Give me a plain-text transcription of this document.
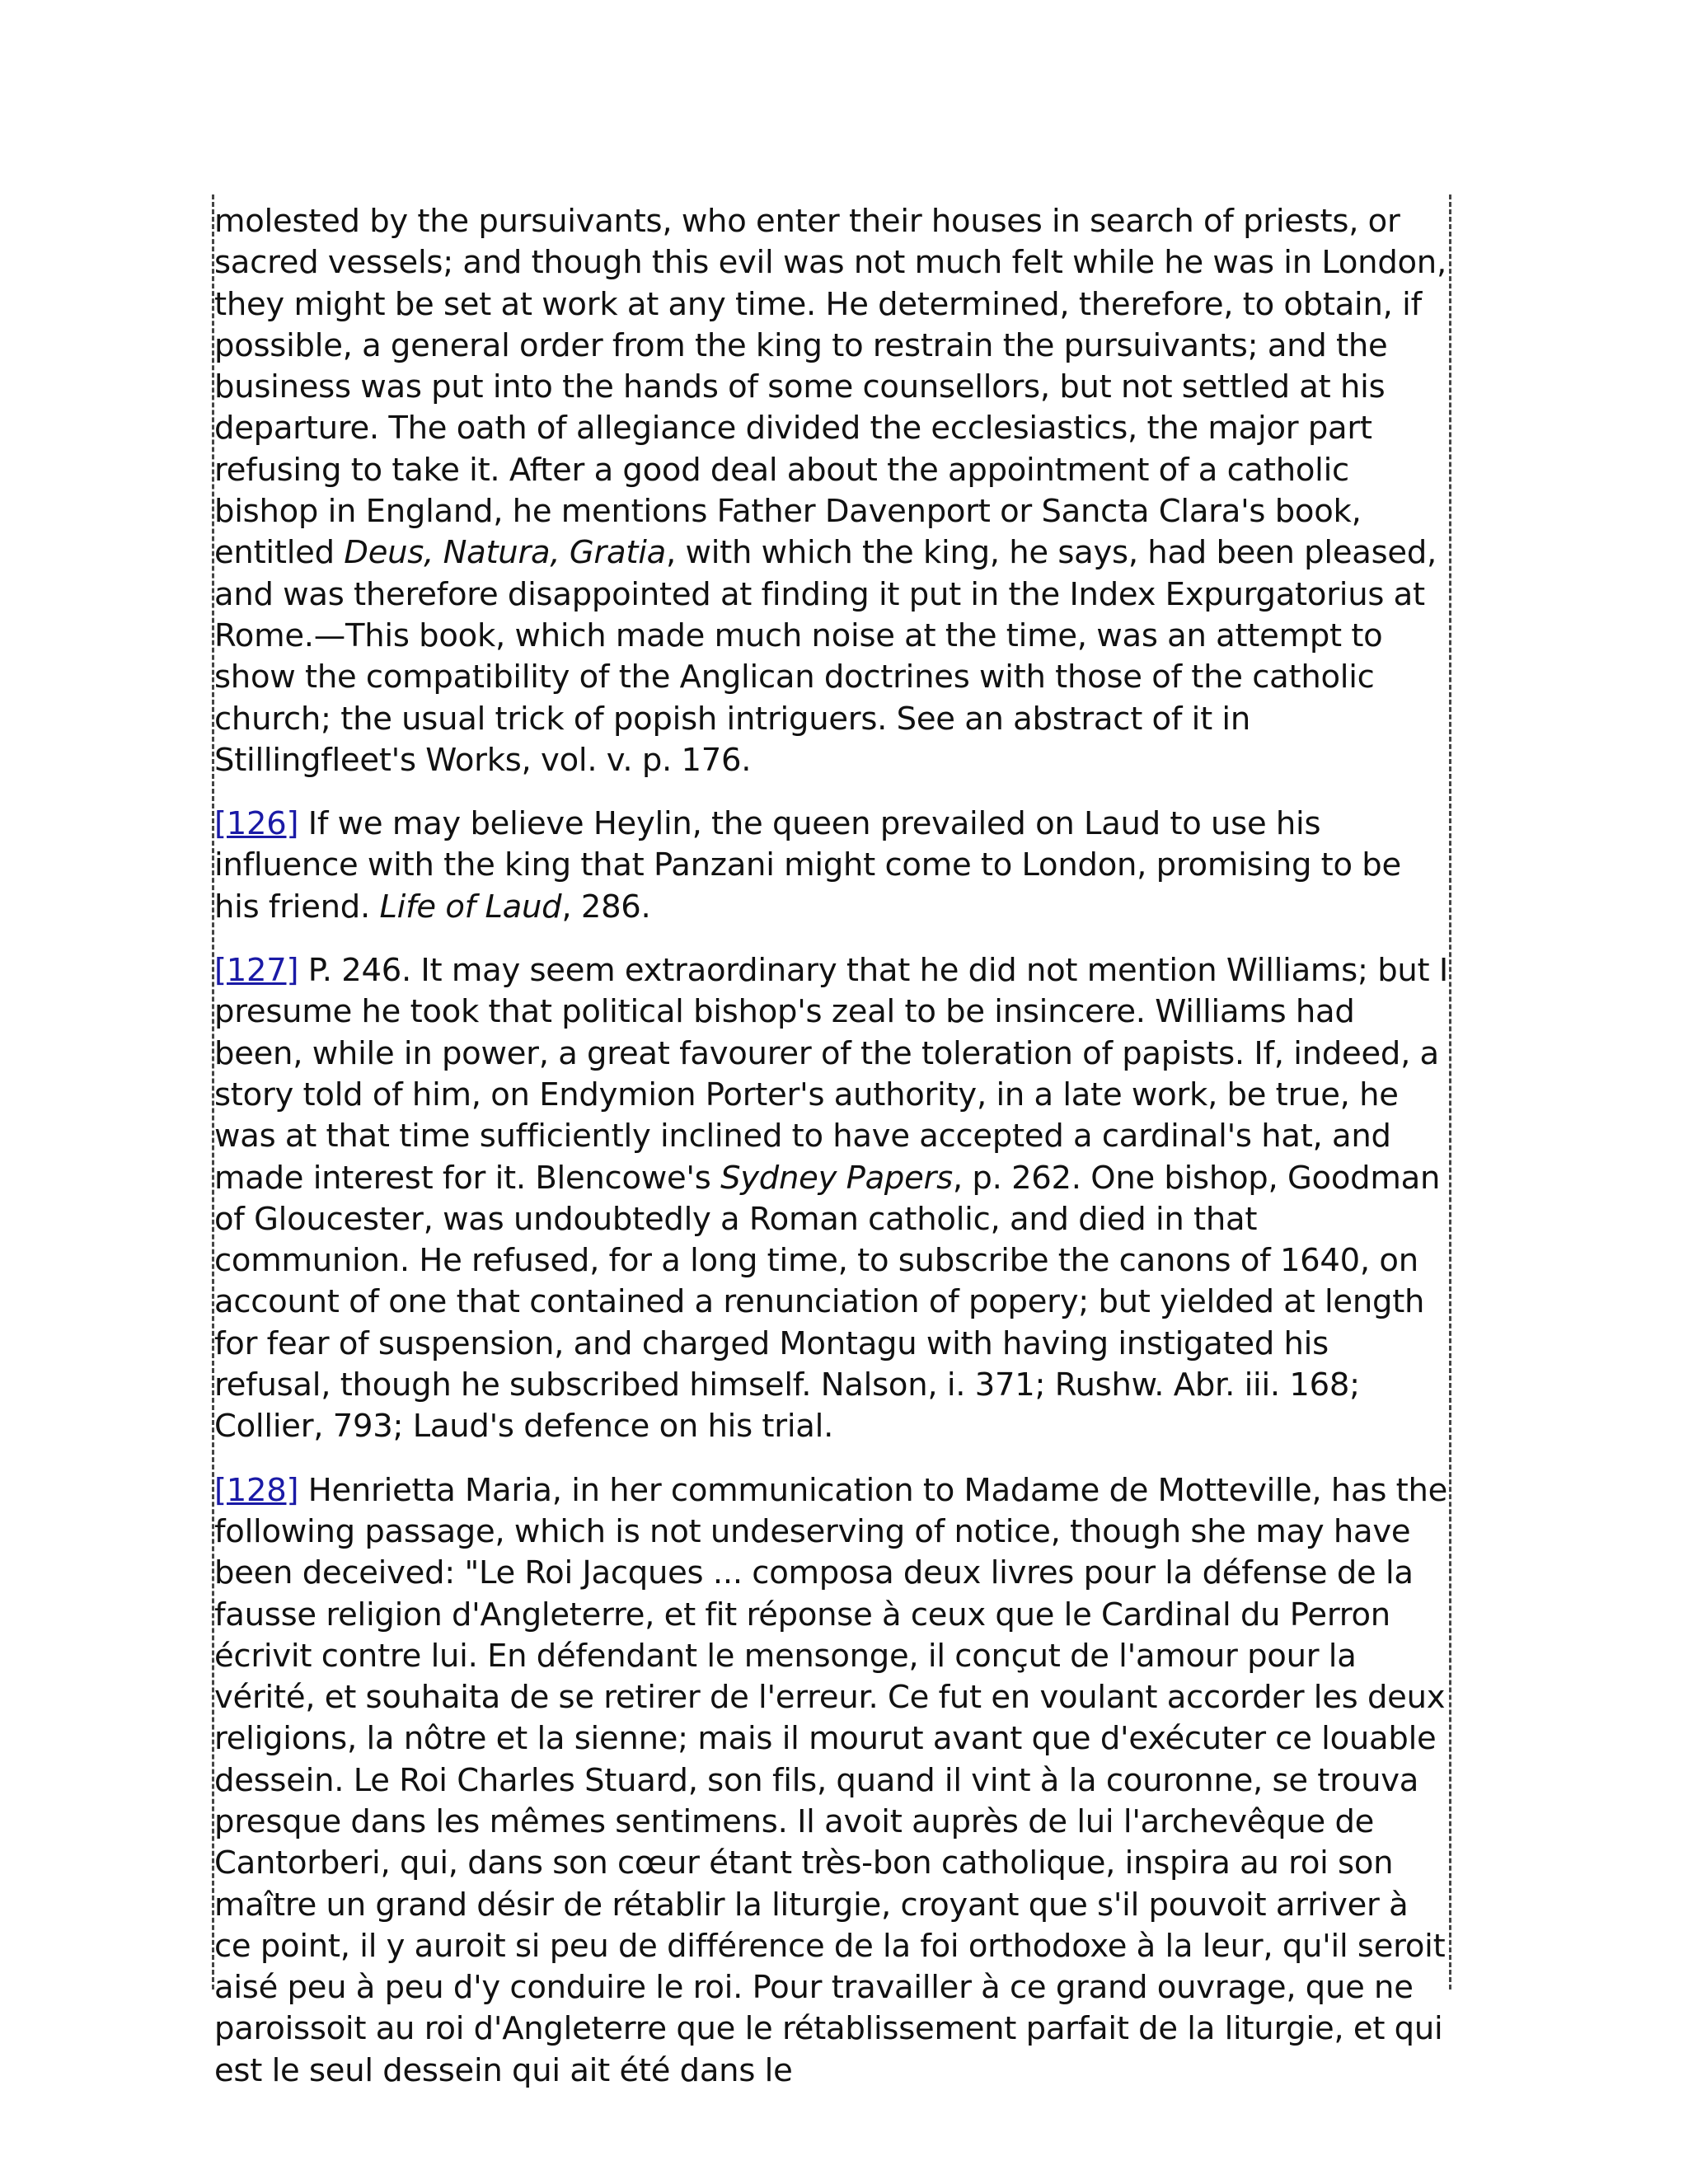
molested by the pursuivants, who enter their houses in search of priests, or sacred vessels; and though this evil was not much felt while he was in London, they might be set at work at any time. He determined, therefore, to obtain, if possible, a general order from the king to restrain the pursuivants; and the business was put into the hands of some counsellors, but not settled at his departure. The oath of allegiance divided the ecclesiastics, the major part refusing to take it. After a good deal about the appointment of a catholic bishop in England, he mentions Father Davenport or Sancta Clara's book, entitled Deus, Natura, Gratia, with which the king, he says, had been pleased, and was therefore disappointed at finding it put in the Index Expurgatorius at Rome.—This book, which made much noise at the time, was an attempt to show the compatibility of the Anglican doctrines with those of the catholic church; the usual trick of popish intriguers. See an abstract of it in Stillingfleet's Works, vol. v. p. 176.

[126] If we may believe Heylin, the queen prevailed on Laud to use his influence with the king that Panzani might come to London, promising to be his friend. Life of Laud, 286.

[127] P. 246. It may seem extraordinary that he did not mention Williams; but I presume he took that political bishop's zeal to be insincere. Williams had been, while in power, a great favourer of the toleration of papists. If, indeed, a story told of him, on Endymion Porter's authority, in a late work, be true, he was at that time sufficiently inclined to have accepted a cardinal's hat, and made interest for it. Blencowe's Sydney Papers, p. 262. One bishop, Goodman of Gloucester, was undoubtedly a Roman catholic, and died in that communion. He refused, for a long time, to subscribe the canons of 1640, on account of one that contained a renunciation of popery; but yielded at length for fear of suspension, and charged Montagu with having instigated his refusal, though he subscribed himself. Nalson, i. 371; Rushw. Abr. iii. 168; Collier, 793; Laud's defence on his trial.

[128] Henrietta Maria, in her communication to Madame de Motteville, has the following passage, which is not undeserving of notice, though she may have been deceived: "Le Roi Jacques ... composa deux livres pour la défense de la fausse religion d'Angleterre, et fit réponse à ceux que le Cardinal du Perron écrivit contre lui. En défendant le mensonge, il conçut de l'amour pour la vérité, et souhaita de se retirer de l'erreur. Ce fut en voulant accorder les deux religions, la nôtre et la sienne; mais il mourut avant que d'exécuter ce louable dessein. Le Roi Charles Stuard, son fils, quand il vint à la couronne, se trouva presque dans les mêmes sentimens. Il avoit auprès de lui l'archevêque de Cantorberi, qui, dans son cœur étant très-bon catholique, inspira au roi son maître un grand désir de rétablir la liturgie, croyant que s'il pouvoit arriver à ce point, il y auroit si peu de différence de la foi orthodoxe à la leur, qu'il seroit aisé peu à peu d'y conduire le roi. Pour travailler à ce grand ouvrage, que ne paroissoit au roi d'Angleterre que le rétablissement parfait de la liturgie, et qui est le seul dessein qui ait été dans le
